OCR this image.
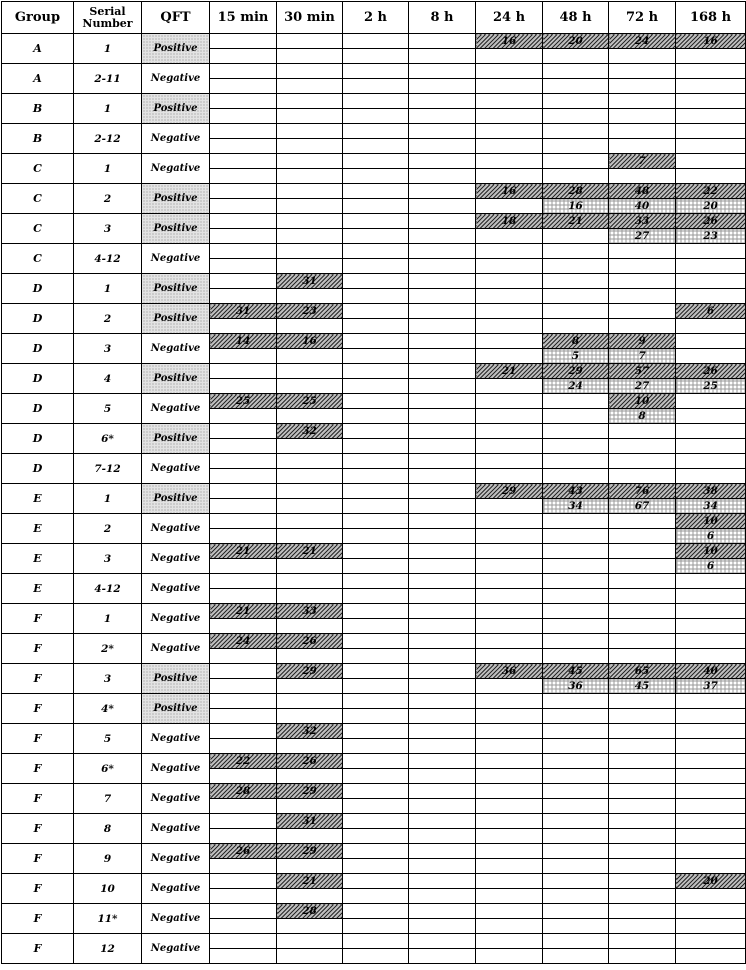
Group	Serial Number	QFT	15 min	30 min	2 h	8 h	24 h	48 h	72 h	168 h
A	1	Positive					16	20	24	16

A	2-11	Negative								

B	1	Positive								

B	2-12	Negative								

C	1	Negative							7	

C	2	Positive					16	28	48	22
								16	40	20
C	3	Positive					18	21	33	26
									27	23
C	4-12	Negative								

D	1	Positive		31						

D	2	Positive	31	23						6

D	3	Negative	14	16				8	9	
								5	7	
D	4	Positive					21	29	57	26
								24	27	25
D	5	Negative	25	25					10	
									8	
D	6*	Positive		32						

D	7-12	Negative								

E	1	Positive					29	43	76	38
								34	67	34
E	2	Negative								10
										6
E	3	Negative	21	21						10
										6
E	4-12	Negative								

F	1	Negative	21	33						

F	2*	Negative	24	26						

F	3	Positive		29			36	45	65	40
								36	45	37
F	4*	Positive								

F	5	Negative		32						

F	6*	Negative	22	26						

F	7	Negative	28	29						

F	8	Negative		31						

F	9	Negative	26	29						

F	10	Negative		21						20

F	11*	Negative		28						

F	12	Negative								
